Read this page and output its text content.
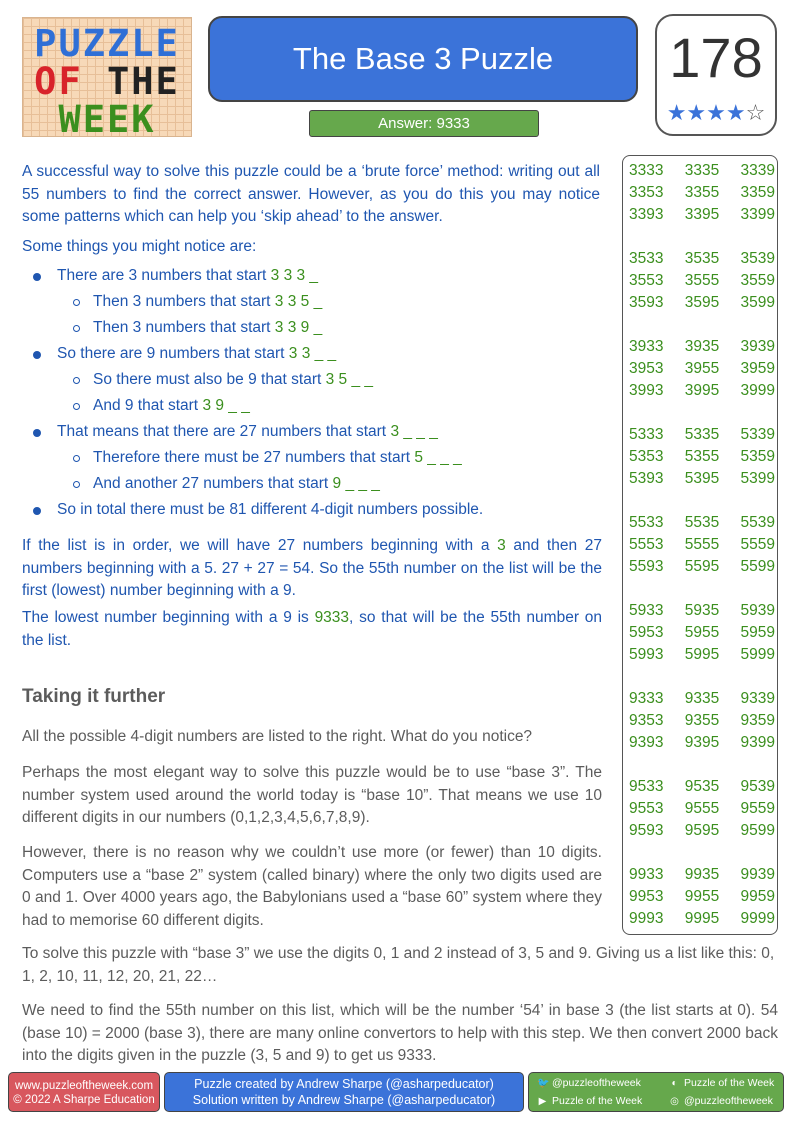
PUZZLE
OF THE
WEEK
The Base 3 Puzzle
Answer: 9333
178
★★★★☆
A successful way to solve this puzzle could be a ‘brute force’ method: writing out all 55 numbers to find the correct answer. However, as you do this you may notice some patterns which can help you ‘skip ahead’ to the answer.
Some things you might notice are:
There are 3 numbers that start 3 3 3 _
Then 3 numbers that start 3 3 5 _
Then 3 numbers that start 3 3 9 _
So there are 9 numbers that start 3 3 _ _
So there must also be 9 that start 3 5 _ _
And 9 that start 3 9 _ _
That means that there are 27 numbers that start 3 _ _ _
Therefore there must be 27 numbers that start 5 _ _ _
And another 27 numbers that start 9 _ _ _
So in total there must be 81 different 4-digit numbers possible.
If the list is in order, we will have 27 numbers beginning with a 3 and then 27 numbers beginning with a 5. 27 + 27 = 54. So the 55th number on the list will be the first (lowest) number beginning with a 9.
The lowest number beginning with a 9 is 9333, so that will be the 55th number on the list.
Taking it further
All the possible 4-digit numbers are listed to the right. What do you notice?
Perhaps the most elegant way to solve this puzzle would be to use “base 3”. The number system used around the world today is “base 10”. That means we use 10 different digits in our numbers (0,1,2,3,4,5,6,7,8,9).
However, there is no reason why we couldn’t use more (or fewer) than 10 digits. Computers use a “base 2” system (called binary) where the only two digits used are 0 and 1. Over 4000 years ago, the Babylonians used a “base 60” system where they had to memorise 60 different digits.
To solve this puzzle with “base 3” we use the digits 0, 1 and 2 instead of 3, 5 and 9. Giving us a list like this: 0, 1, 2, 10, 11, 12, 20, 21, 22…
We need to find the 55th number on this list, which will be the number ‘54’ in base 3 (the list starts at 0). 54 (base 10) = 2000 (base 3), there are many online convertors to help with this step. We then convert 2000 back into the digits given in the puzzle (3, 5 and 9) to get us 9333.
3333 3335 3339
3353 3355 3359
3393 3395 3399
3533 3535 3539
3553 3555 3559
3593 3595 3599
3933 3935 3939
3953 3955 3959
3993 3995 3999
5333 5335 5339
5353 5355 5359
5393 5395 5399
5533 5535 5539
5553 5555 5559
5593 5595 5599
5933 5935 5939
5953 5955 5959
5993 5995 5999
9333 9335 9339
9353 9355 9359
9393 9395 9399
9533 9535 9539
9553 9555 9559
9593 9595 9599
9933 9935 9939
9953 9955 9959
9993 9995 9999
www.puzzleoftheweek.com
© 2022 A Sharpe Education
Puzzle created by Andrew Sharpe (@asharpeducator)
Solution written by Andrew Sharpe (@asharpeducator)
🐦 @puzzleoftheweek	◐ Puzzle of the Week
▶ Puzzle of the Week	◎ @puzzleoftheweek
